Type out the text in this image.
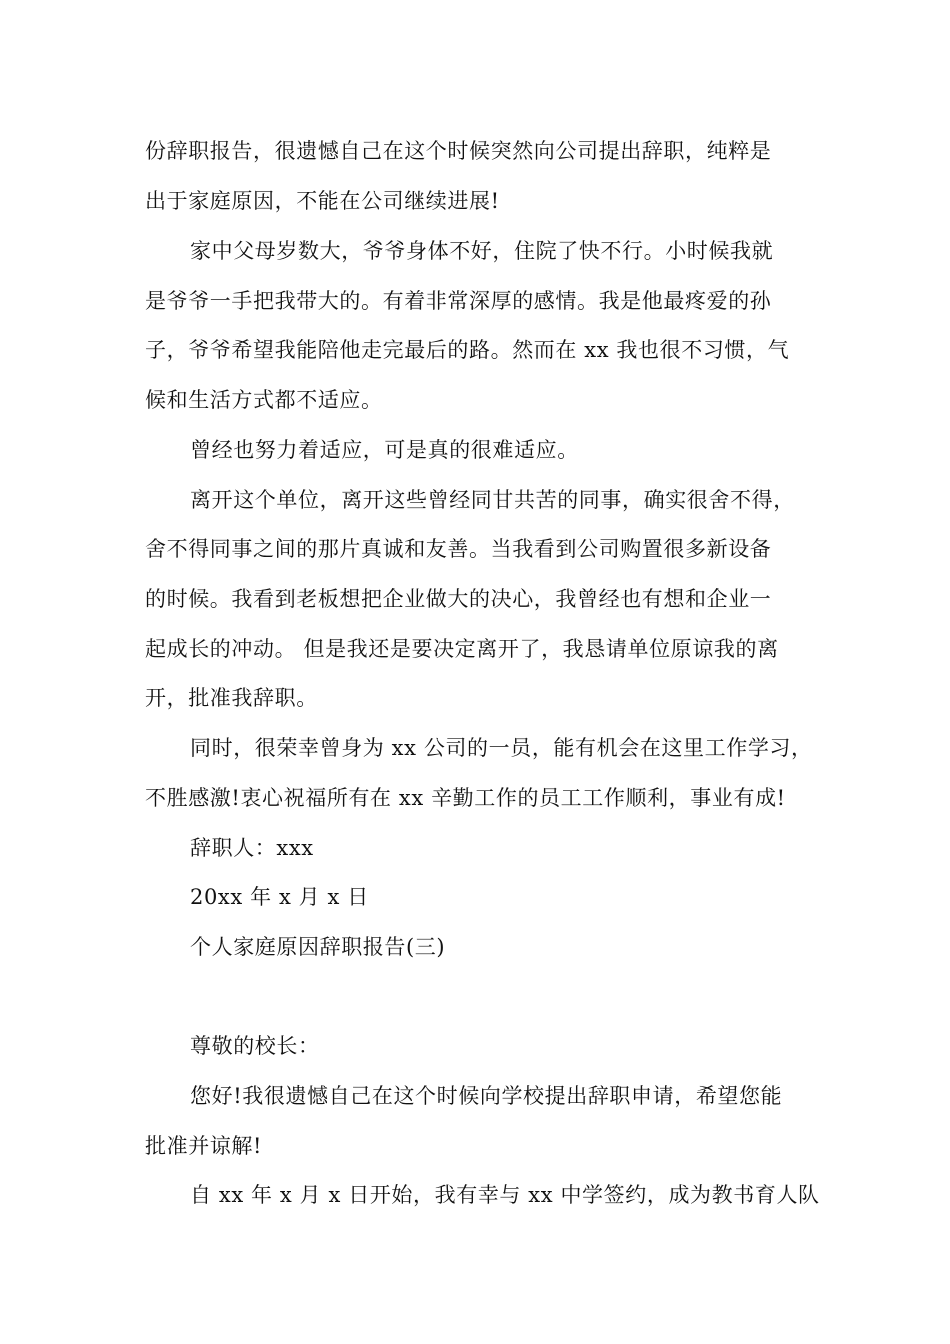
份辞职报告，很遗憾自己在这个时候突然向公司提出辞职，纯粹是
出于家庭原因，不能在公司继续进展!
家中父母岁数大，爷爷身体不好，住院了快不行。小时候我就
是爷爷一手把我带大的。有着非常深厚的感情。我是他最疼爱的孙
子，爷爷希望我能陪他走完最后的路。然而在 xx 我也很不习惯，气
候和生活方式都不适应。
曾经也努力着适应，可是真的很难适应。
离开这个单位，离开这些曾经同甘共苦的同事，确实很舍不得，
舍不得同事之间的那片真诚和友善。当我看到公司购置很多新设备
的时候。我看到老板想把企业做大的决心，我曾经也有想和企业一
起成长的冲动。 但是我还是要决定离开了，我恳请单位原谅我的离
开，批准我辞职。
同时，很荣幸曾身为 xx 公司的一员，能有机会在这里工作学习，
不胜感激!衷心祝福所有在 xx 辛勤工作的员工工作顺利，事业有成!
辞职人：xxx
20xx 年 x 月 x 日
个人家庭原因辞职报告(三)
尊敬的校长：
您好!我很遗憾自己在这个时候向学校提出辞职申请，希望您能
批准并谅解!
自 xx 年 x 月 x 日开始，我有幸与 xx 中学签约，成为教书育人队
